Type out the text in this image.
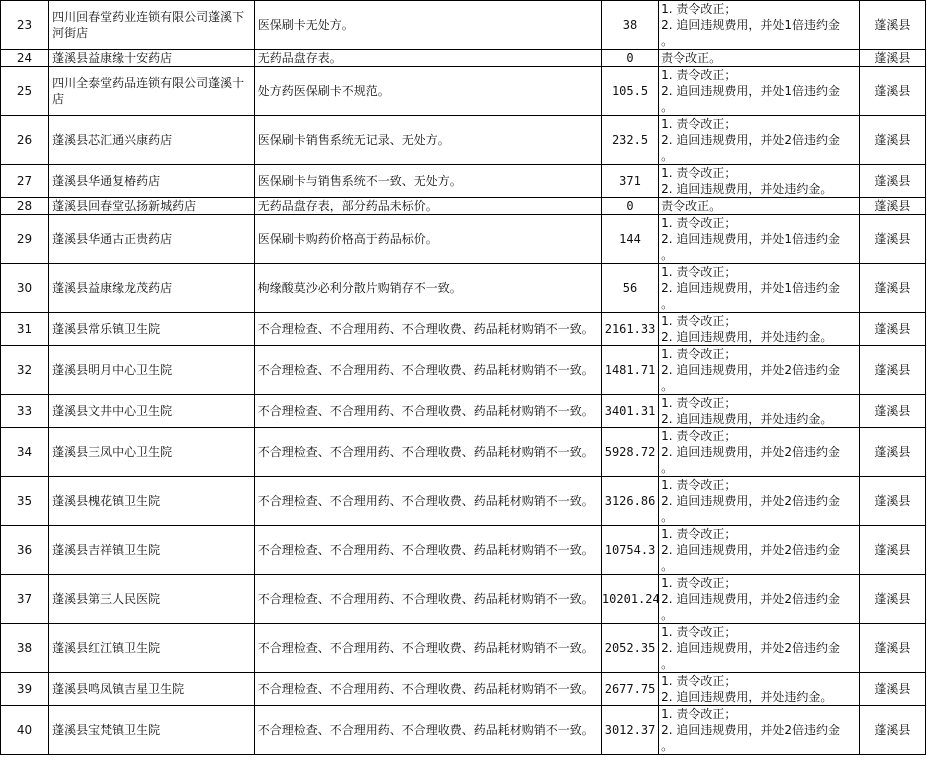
23	四川回春堂药业连锁有限公司蓬溪下河街店	医保刷卡无处方。	38	1. 责令改正；
2. 追回违规费用，并处1倍违约金
。	蓬溪县
24	蓬溪县益康缘十安药店	无药品盘存表。	0	责令改正。	蓬溪县
25	四川全泰堂药品连锁有限公司蓬溪十店	处方药医保刷卡不规范。	105.5	1. 责令改正；
2. 追回违规费用，并处1倍违约金
。	蓬溪县
26	蓬溪县芯汇通兴康药店	医保刷卡销售系统无记录、无处方。	232.5	1. 责令改正；
2. 追回违规费用，并处2倍违约金
。	蓬溪县
27	蓬溪县华通复椿药店	医保刷卡与销售系统不一致、无处方。	371	1. 责令改正；
2. 追回违规费用，并处违约金。	蓬溪县
28	蓬溪县回春堂弘扬新城药店	无药品盘存表，部分药品未标价。	0	责令改正。	蓬溪县
29	蓬溪县华通古正贵药店	医保刷卡购药价格高于药品标价。	144	1. 责令改正；
2. 追回违规费用，并处1倍违约金
。	蓬溪县
30	蓬溪县益康缘龙茂药店	枸缘酸莫沙必利分散片购销存不一致。	56	1. 责令改正；
2. 追回违规费用，并处1倍违约金
。	蓬溪县
31	蓬溪县常乐镇卫生院	不合理检查、不合理用药、不合理收费、药品耗材购销不一致。	2161.33	1. 责令改正；
2. 追回违规费用，并处违约金。	蓬溪县
32	蓬溪县明月中心卫生院	不合理检查、不合理用药、不合理收费、药品耗材购销不一致。	1481.71	1. 责令改正；
2. 追回违规费用，并处2倍违约金
。	蓬溪县
33	蓬溪县文井中心卫生院	不合理检查、不合理用药、不合理收费、药品耗材购销不一致。	3401.31	1. 责令改正；
2. 追回违规费用，并处违约金。	蓬溪县
34	蓬溪县三凤中心卫生院	不合理检查、不合理用药、不合理收费、药品耗材购销不一致。	5928.72	1. 责令改正；
2. 追回违规费用，并处2倍违约金
。	蓬溪县
35	蓬溪县槐花镇卫生院	不合理检查、不合理用药、不合理收费、药品耗材购销不一致。	3126.86	1. 责令改正；
2. 追回违规费用，并处2倍违约金
。	蓬溪县
36	蓬溪县吉祥镇卫生院	不合理检查、不合理用药、不合理收费、药品耗材购销不一致。	10754.3	1. 责令改正；
2. 追回违规费用，并处2倍违约金
。	蓬溪县
37	蓬溪县第三人民医院	不合理检查、不合理用药、不合理收费、药品耗材购销不一致。	10201.24	1. 责令改正；
2. 追回违规费用，并处2倍违约金
。	蓬溪县
38	蓬溪县红江镇卫生院	不合理检查、不合理用药、不合理收费、药品耗材购销不一致。	2052.35	1. 责令改正；
2. 追回违规费用，并处2倍违约金
。	蓬溪县
39	蓬溪县鸣凤镇吉星卫生院	不合理检查、不合理用药、不合理收费、药品耗材购销不一致。	2677.75	1. 责令改正；
2. 追回违规费用，并处违约金。	蓬溪县
40	蓬溪县宝梵镇卫生院	不合理检查、不合理用药、不合理收费、药品耗材购销不一致。	3012.37	1. 责令改正；
2. 追回违规费用，并处2倍违约金
。	蓬溪县
